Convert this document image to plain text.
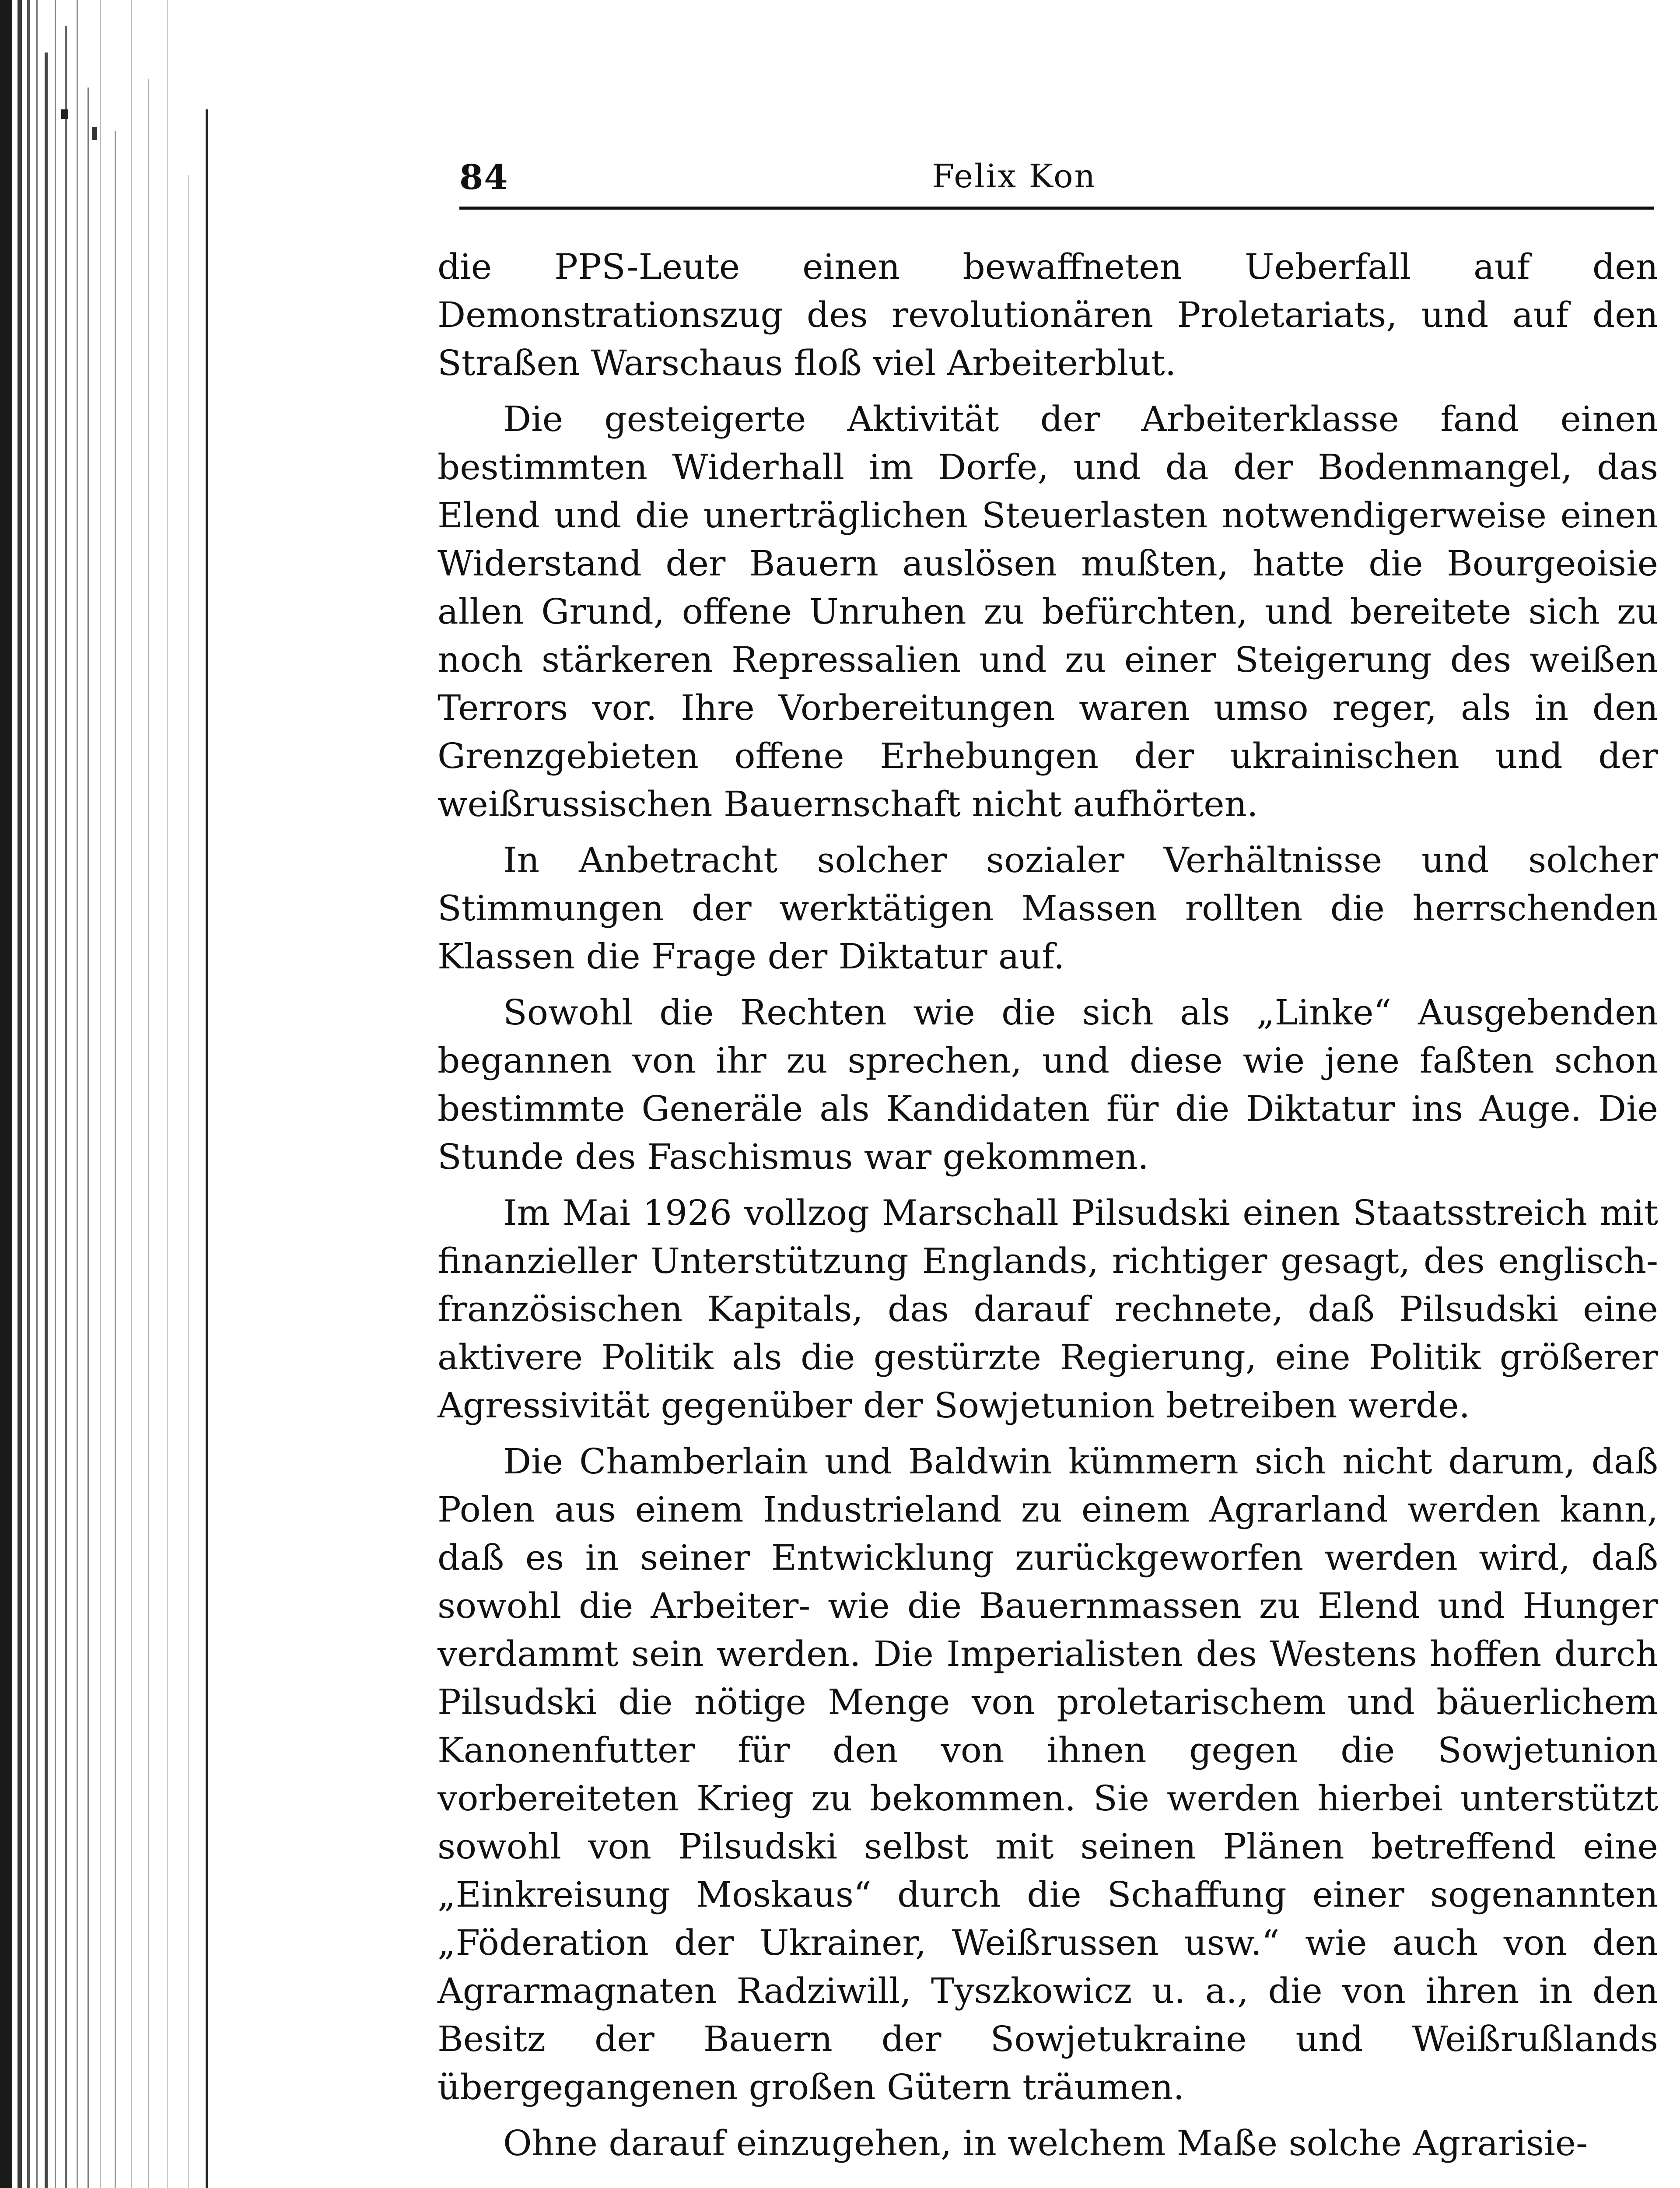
84	Felix Kon

die PPS-Leute einen bewaffneten Ueberfall auf den Demonstrationszug des revolutionären Proletariats, und auf den Straßen Warschaus floß viel Arbeiterblut.

Die gesteigerte Aktivität der Arbeiterklasse fand einen bestimmten Widerhall im Dorfe, und da der Bodenmangel, das Elend und die unerträglichen Steuerlasten notwendigerweise einen Widerstand der Bauern auslösen mußten, hatte die Bourgeoisie allen Grund, offene Unruhen zu befürchten, und bereitete sich zu noch stärkeren Repressalien und zu einer Steigerung des weißen Terrors vor. Ihre Vorbereitungen waren umso reger, als in den Grenzgebieten offene Erhebungen der ukrainischen und der weißrussischen Bauernschaft nicht aufhörten.

In Anbetracht solcher sozialer Verhältnisse und solcher Stimmungen der werktätigen Massen rollten die herrschenden Klassen die Frage der Diktatur auf.

Sowohl die Rechten wie die sich als „Linke“ Ausgebenden begannen von ihr zu sprechen, und diese wie jene faßten schon bestimmte Generäle als Kandidaten für die Diktatur ins Auge. Die Stunde des Faschismus war gekommen.

Im Mai 1926 vollzog Marschall Pilsudski einen Staatsstreich mit finanzieller Unterstützung Englands, richtiger gesagt, des englisch-französischen Kapitals, das darauf rechnete, daß Pilsudski eine aktivere Politik als die gestürzte Regierung, eine Politik größerer Agressivität gegenüber der Sowjetunion betreiben werde.

Die Chamberlain und Baldwin kümmern sich nicht darum, daß Polen aus einem Industrieland zu einem Agrarland werden kann, daß es in seiner Entwicklung zurückgeworfen werden wird, daß sowohl die Arbeiter- wie die Bauernmassen zu Elend und Hunger verdammt sein werden. Die Imperialisten des Westens hoffen durch Pilsudski die nötige Menge von proletarischem und bäuerlichem Kanonenfutter für den von ihnen gegen die Sowjetunion vorbereiteten Krieg zu bekommen. Sie werden hierbei unterstützt sowohl von Pilsudski selbst mit seinen Plänen betreffend eine „Einkreisung Moskaus“ durch die Schaffung einer sogenannten „Föderation der Ukrainer, Weißrussen usw.“ wie auch von den Agrarmagnaten Radziwill, Tyszkowicz u. a., die von ihren in den Besitz der Bauern der Sowjetukraine und Weißrußlands übergegangenen großen Gütern träumen.

Ohne darauf einzugehen, in welchem Maße solche Agrarisie-
